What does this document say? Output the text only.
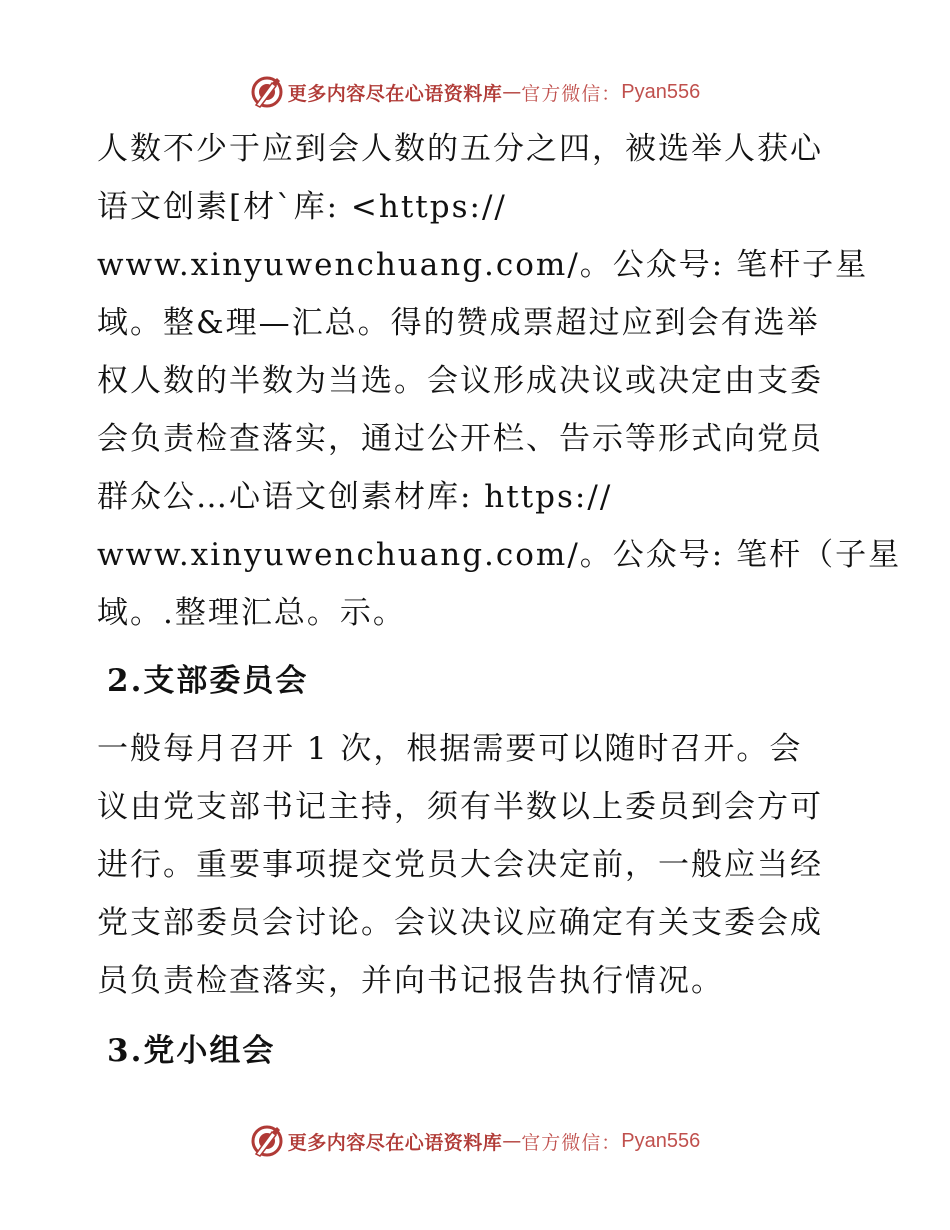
更多内容尽在心语资料库 — 官方微信： Pyan556

人数不少于应到会人数的五分之四，被选举人获心
语文创素[材`库: <https://
www.xinyuwenchuang.com/。公众号: 笔杆子星
域。整&理—汇总。得的赞成票超过应到会有选举
权人数的半数为当选。会议形成决议或决定由支委
会负责检查落实，通过公开栏、告示等形式向党员
群众公…心语文创素材库: https://
www.xinyuwenchuang.com/。公众号: 笔杆（子星
域。.整理汇总。示。

2.支部委员会

一般每月召开 1 次，根据需要可以随时召开。会
议由党支部书记主持，须有半数以上委员到会方可
进行。重要事项提交党员大会决定前，一般应当经
党支部委员会讨论。会议决议应确定有关支委会成
员负责检查落实，并向书记报告执行情况。

3.党小组会
更多内容尽在心语资料库 — 官方微信： Pyan556
